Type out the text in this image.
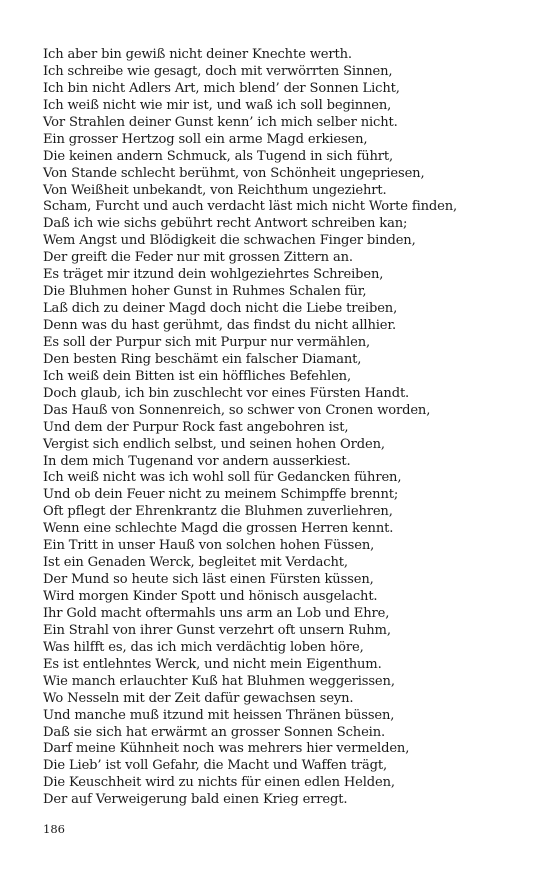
Ich aber bin gewiß nicht deiner Knechte werth.
Ich schreibe wie gesagt, doch mit verwörrten Sinnen,
Ich bin nicht Adlers Art, mich blend’ der Sonnen Licht,
Ich weiß nicht wie mir ist, und waß ich soll beginnen,
Vor Strahlen deiner Gunst kenn’ ich mich selber nicht.
Ein grosser Hertzog soll ein arme Magd erkiesen,
Die keinen andern Schmuck, als Tugend in sich führt,
Von Stande schlecht berühmt, von Schönheit ungepriesen,
Von Weißheit unbekandt, von Reichthum ungeziehrt.
Scham, Furcht und auch verdacht läst mich nicht Worte finden,
Daß ich wie sichs gebührt recht Antwort schreiben kan;
Wem Angst und Blödigkeit die schwachen Finger binden,
Der greift die Feder nur mit grossen Zittern an.
Es träget mir itzund dein wohlgeziehrtes Schreiben,
Die Bluhmen hoher Gunst in Ruhmes Schalen für,
Laß dich zu deiner Magd doch nicht die Liebe treiben,
Denn was du hast gerühmt, das findst du nicht allhier.
Es soll der Purpur sich mit Purpur nur vermählen,
Den besten Ring beschämt ein falscher Diamant,
Ich weiß dein Bitten ist ein höffliches Befehlen,
Doch glaub, ich bin zuschlecht vor eines Fürsten Handt.
Das Hauß von Sonnenreich, so schwer von Cronen worden,
Und dem der Purpur Rock fast angebohren ist,
Vergist sich endlich selbst, und seinen hohen Orden,
In dem mich Tugenand vor andern ausserkiest.
Ich weiß nicht was ich wohl soll für Gedancken führen,
Und ob dein Feuer nicht zu meinem Schimpffe brennt;
Oft pflegt der Ehrenkrantz die Bluhmen zuverliehren,
Wenn eine schlechte Magd die grossen Herren kennt.
Ein Tritt in unser Hauß von solchen hohen Füssen,
Ist ein Genaden Werck, begleitet mit Verdacht,
Der Mund so heute sich läst einen Fürsten küssen,
Wird morgen Kinder Spott und hönisch ausgelacht.
Ihr Gold macht oftermahls uns arm an Lob und Ehre,
Ein Strahl von ihrer Gunst verzehrt oft unsern Ruhm,
Was hilfft es, das ich mich verdächtig loben höre,
Es ist entlehntes Werck, und nicht mein Eigenthum.
Wie manch erlauchter Kuß hat Bluhmen weggerissen,
Wo Nesseln mit der Zeit dafür gewachsen seyn.
Und manche muß itzund mit heissen Thränen büssen,
Daß sie sich hat erwärmt an grosser Sonnen Schein.
Darf meine Kühnheit noch was mehrers hier vermelden,
Die Lieb’ ist voll Gefahr, die Macht und Waffen trägt,
Die Keuschheit wird zu nichts für einen edlen Helden,
Der auf Verweigerung bald einen Krieg erregt.
186
